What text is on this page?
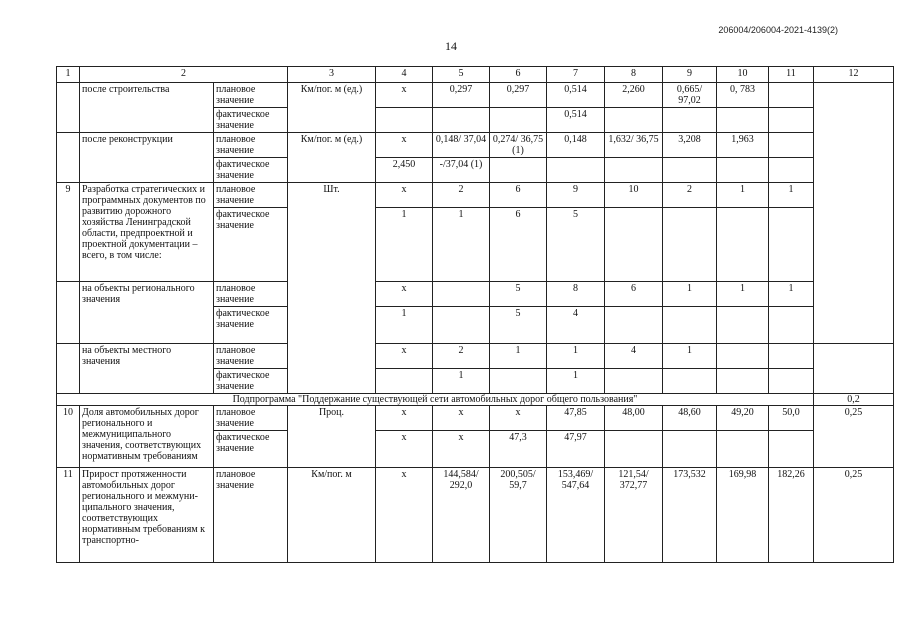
206004/206004-2021-4139(2)
14
1	2		3	4	5	6	7	8	9	10	11	12	
	после строительства	плановое значение	Км/пог. м (ед.)	х	0,297	0,297	0,514	2,260	0,665/ 97,02	0, 783			
		фактическое значение					0,514						
	после реконструкции	плановое значение	Км/пог. м (ед.)	х	0,148/ 37,04	0,274/ 36,75 (1)	0,148	1,632/ 36,75	3,208	1,963			
		фактическое значение		2,450	-/37,04 (1)								
9	Разработка стратегических и программных документов по развитию дорожного хозяйства Ленинградской области, предпроектной и проектной документации – всего, в том числе:	плановое значение	Шт.	х	2	6	9	10	2	1	1	
		фактическое значение		1	1	6	5						
	на объекты регионального значения	плановое значение		х		5	8	6	1	1	1		
		фактическое значение		1		5	4						
	на объекты местного значения	плановое значение		х	2	1	1	4	1				
		фактическое значение			1		1						
Подпрограмма "Поддержание существующей сети автомобильных дорог общего пользования"												0,2	
10	Доля автомобильных дорог регионального и межмуниципального значения, соответствующих нормативным требованиям	плановое значение	Проц.	х	х	х	47,85	48,00	48,60	49,20	50,0	0,25	
		фактическое значение		х	х	47,3	47,97						
11	Прирост протяженности автомобильных дорог регионального и межмуни-ципального значения, соответствующих нормативным требованиям к транспортно-	плановое значение	Км/пог. м	х	144,584/ 292,0	200,505/ 59,7	153,469/ 547,64	121,54/ 372,77	173,532	169,98	182,26	0,25	
